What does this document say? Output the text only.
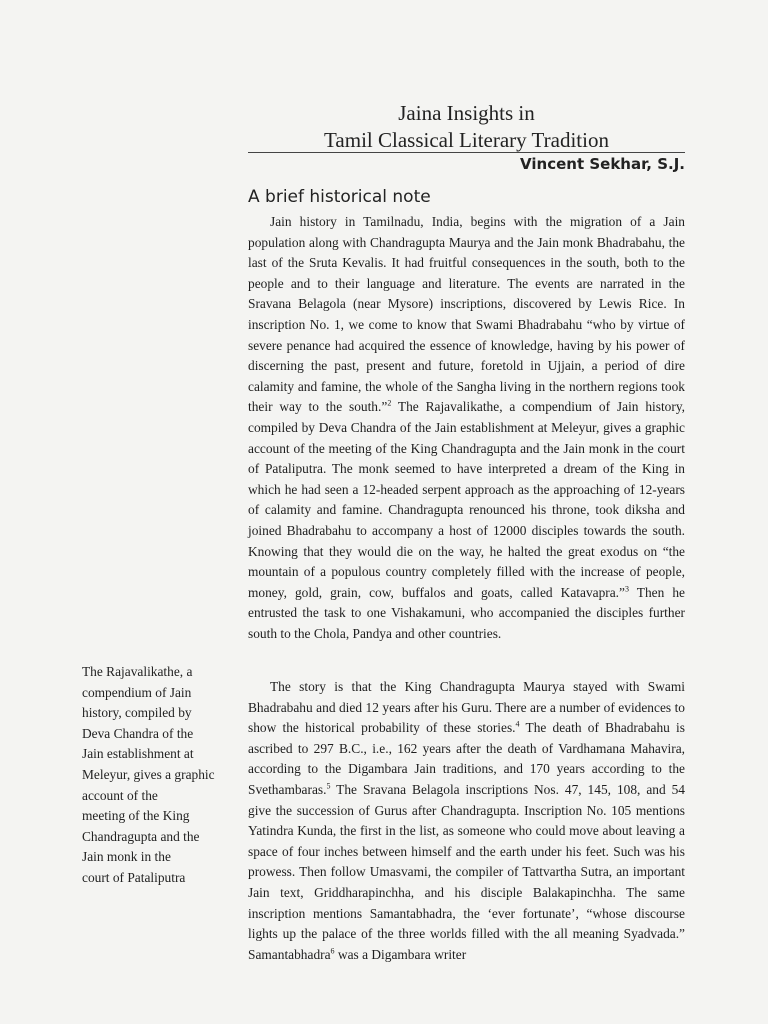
Jaina Insights in
Tamil Classical Literary Tradition
Vincent Sekhar, S.J.
A brief historical note

Jain history in Tamilnadu, India, begins with the migration of a Jain population along with Chandragupta Maurya and the Jain monk Bhadrabahu, the last of the Sruta Kevalis. It had fruitful consequences in the south, both to the people and to their language and literature. The events are narrated in the Sravana Belagola (near Mysore) inscriptions, discovered by Lewis Rice. In inscription No. 1, we come to know that Swami Bhadrabahu “who by virtue of severe penance had acquired the essence of knowledge, having by his power of discerning the past, present and future, foretold in Ujjain, a period of dire calamity and famine, the whole of the Sangha living in the northern regions took their way to the south.”$^2$ The Rajavalikathe, a compendium of Jain history, compiled by Deva Chandra of the Jain establishment at Meleyur, gives a graphic account of the meeting of the King Chandragupta and the Jain monk in the court of Pataliputra. The monk seemed to have interpreted a dream of the King in which he had seen a 12-headed serpent approach as the approaching of 12-years of calamity and famine. Chandragupta renounced his throne, took diksha and joined Bhadrabahu to accompany a host of 12000 disciples towards the south. Knowing that they would die on the way, he halted the great exodus on “the mountain of a populous country completely filled with the increase of people, money, gold, grain, cow, buffalos and goats, called Katavapra.”$^3$ Then he entrusted the task to one Vishakamuni, who accompanied the disciples further south to the Chola, Pandya and other countries.

The story is that the King Chandragupta Maurya stayed with Swami Bhadrabahu and died 12 years after his Guru. There are a number of evidences to show the historical probability of these stories.$^4$ The death of Bhadrabahu is ascribed to 297 B.C., i.e., 162 years after the death of Vardhamana Mahavira, according to the Digambara Jain traditions, and 170 years according to the Svethambaras.$^5$ The Sravana Belagola inscriptions Nos. 47, 145, 108, and 54 give the succession of Gurus after Chandragupta. Inscription No. 105 mentions Yatindra Kunda, the first in the list, as someone who could move about leaving a space of four inches between himself and the earth under his feet. Such was his prowess. Then follow Umasvami, the compiler of Tattvartha Sutra, an important Jain text, Griddharapinchha, and his disciple Balakapinchha. The same inscription mentions Samantabhadra, the ‘ever fortunate’, “whose discourse lights up the palace of the three worlds filled with the all meaning Syadvada.” Samantabhadra$^6$ was a Digambara writer

The Rajavalikathe, a
compendium of Jain
history, compiled by
Deva Chandra of the
Jain establishment at
Meleyur, gives a graphic
account of the
meeting of the King
Chandragupta and the
Jain monk in the
court of Pataliputra
